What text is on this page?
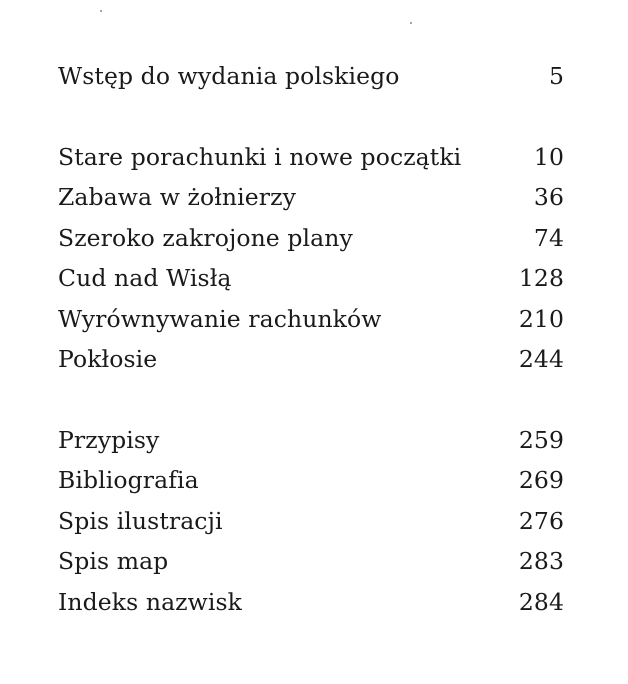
Wstęp do wydania polskiego	5
Stare porachunki i nowe początki	10
Zabawa w żołnierzy	36
Szeroko zakrojone plany	74
Cud nad Wisłą	128
Wyrównywanie rachunków	210
Pokłosie	244
Przypisy	259
Bibliografia	269
Spis ilustracji	276
Spis map	283
Indeks nazwisk	284
